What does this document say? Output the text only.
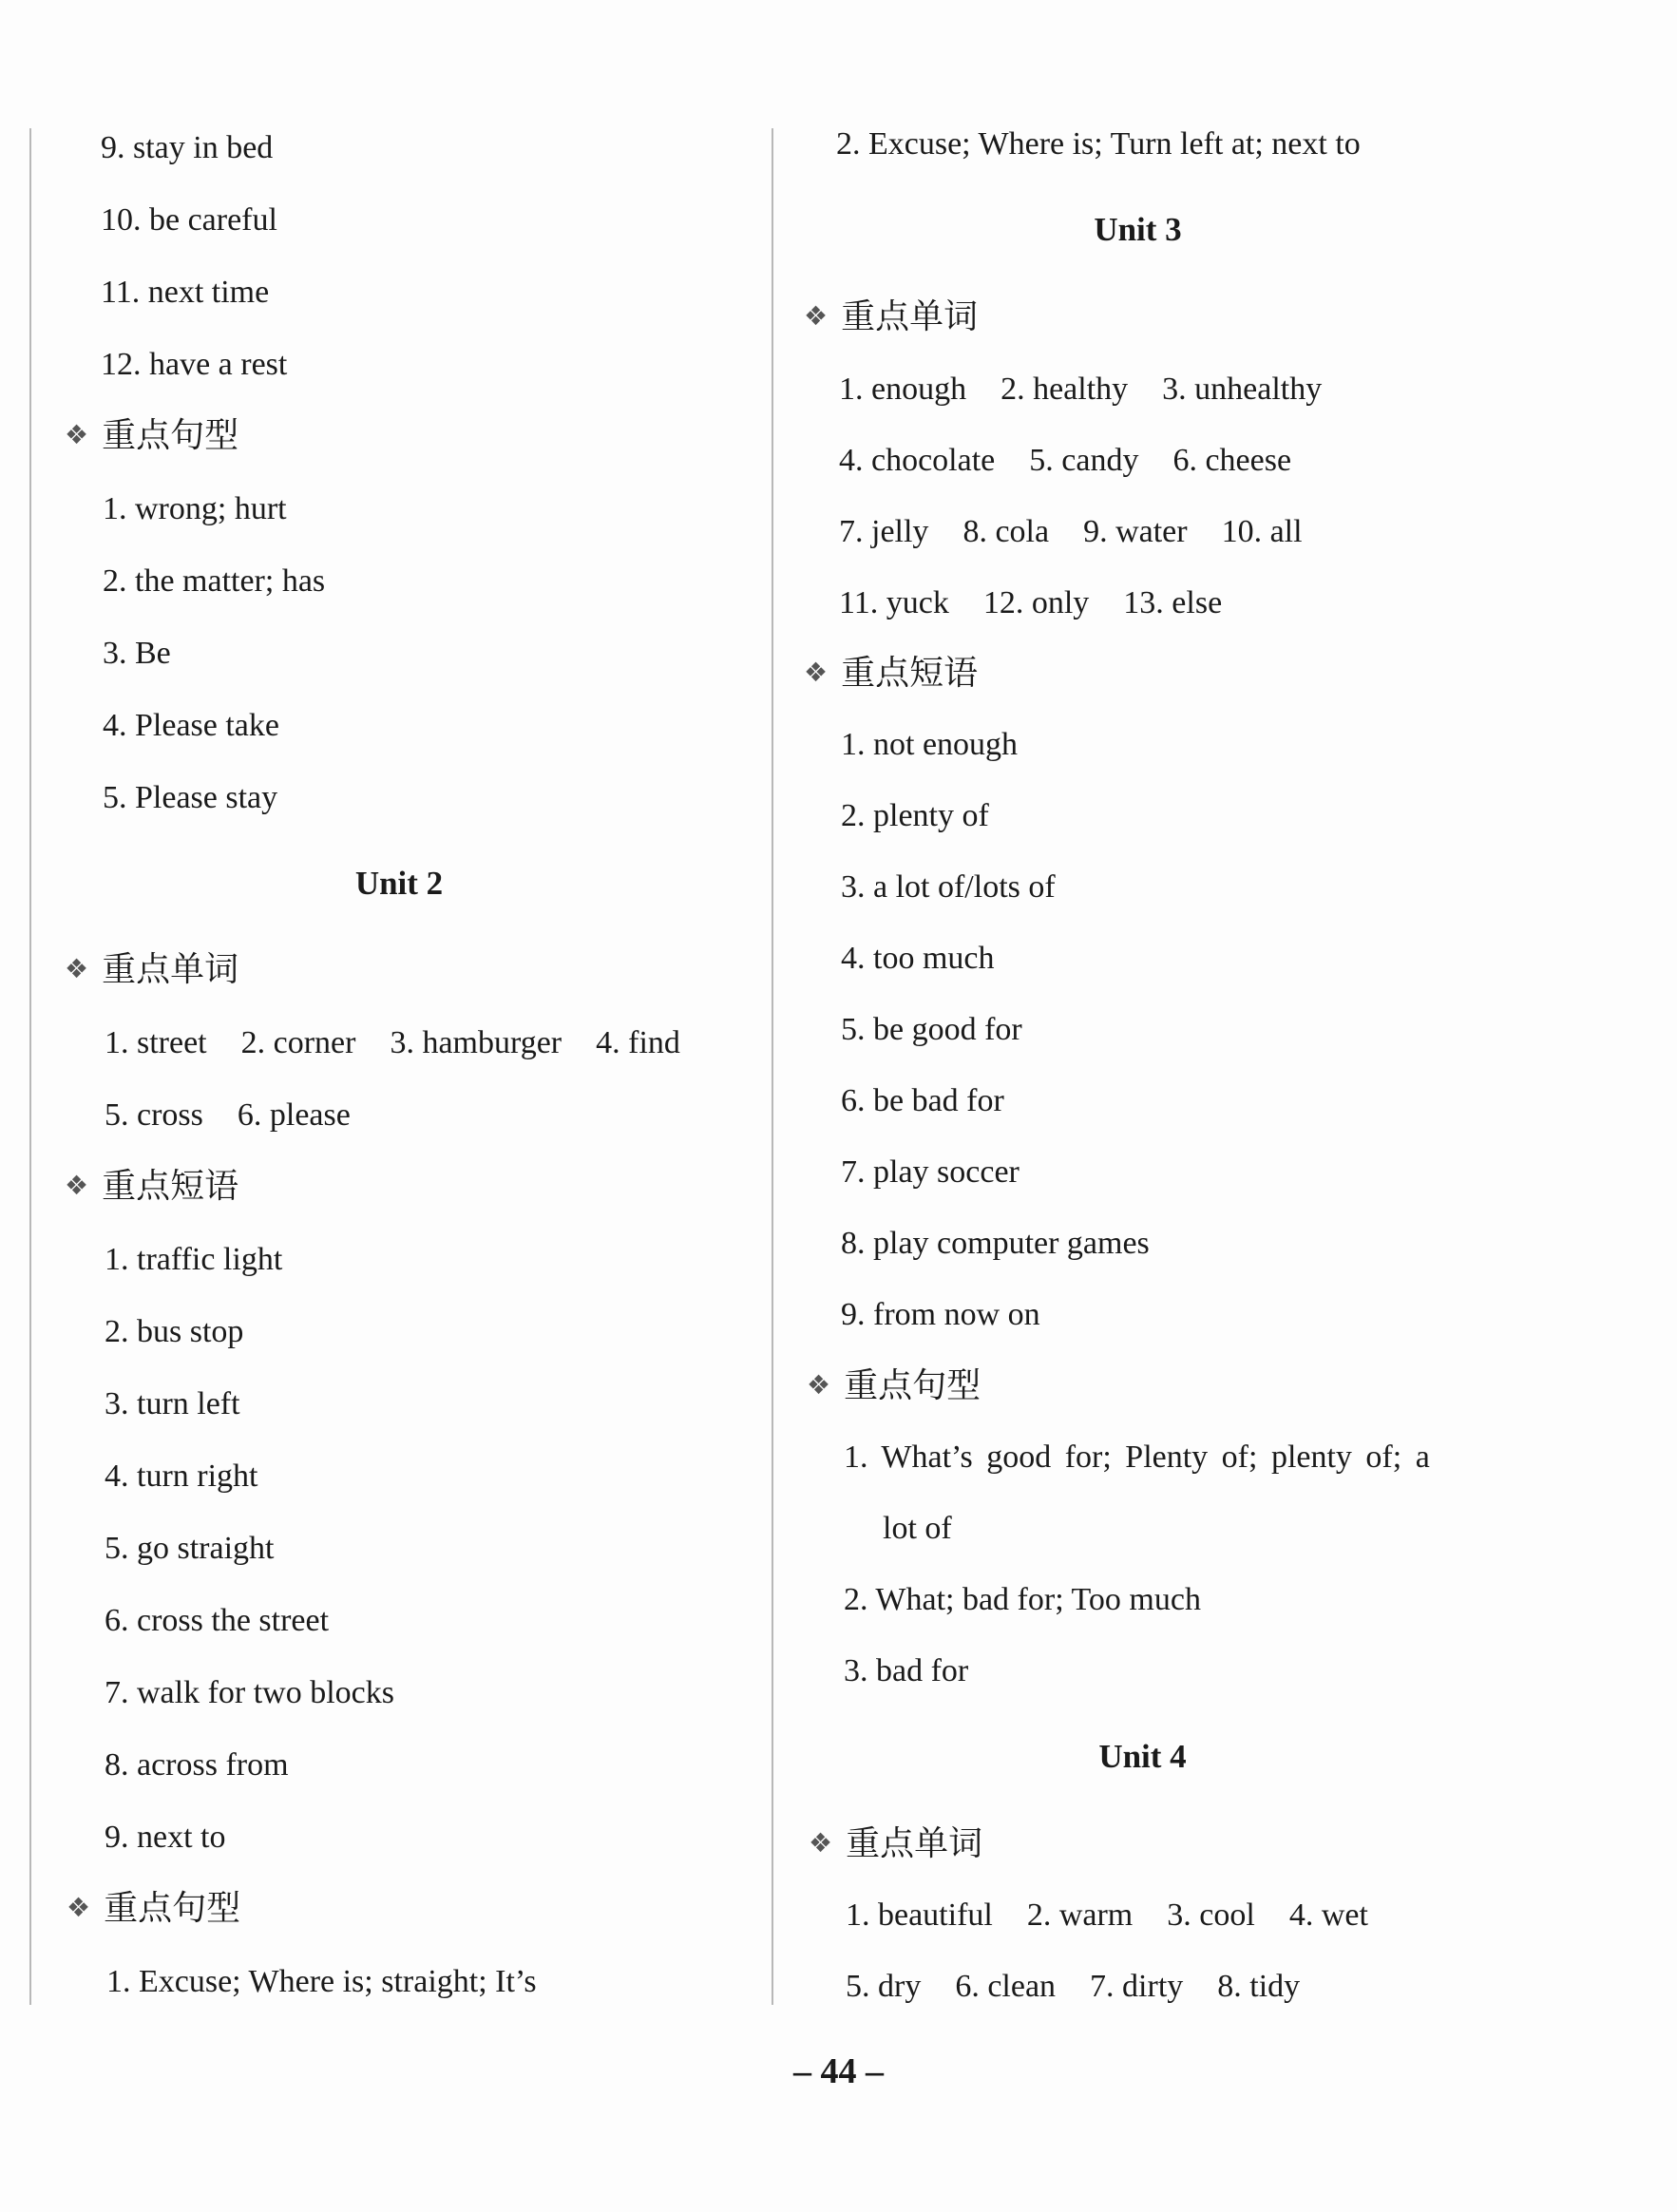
9. stay in bed
10. be careful
11. next time
12. have a rest
❖ 重点句型
1. wrong; hurt
2. the matter; has
3. Be
4. Please take
5. Please stay
Unit 2
❖ 重点单词
1. street 2. corner 3. hamburger 4. find
5. cross 6. please
❖ 重点短语
1. traffic light
2. bus stop
3. turn left
4. turn right
5. go straight
6. cross the street
7. walk for two blocks
8. across from
9. next to
❖ 重点句型
1. Excuse; Where is; straight; It’s
2. Excuse; Where is; Turn left at; next to
Unit 3
❖ 重点单词
1. enough 2. healthy 3. unhealthy
4. chocolate 5. candy 6. cheese
7. jelly 8. cola 9. water 10. all
11. yuck 12. only 13. else
❖ 重点短语
1. not enough
2. plenty of
3. a lot of/lots of
4. too much
5. be good for
6. be bad for
7. play soccer
8. play computer games
9. from now on
❖ 重点句型
1. What’s good for; Plenty of; plenty of; a
lot of
2. What; bad for; Too much
3. bad for
Unit 4
❖ 重点单词
1. beautiful 2. warm 3. cool 4. wet
5. dry 6. clean 7. dirty 8. tidy
– 44 –
